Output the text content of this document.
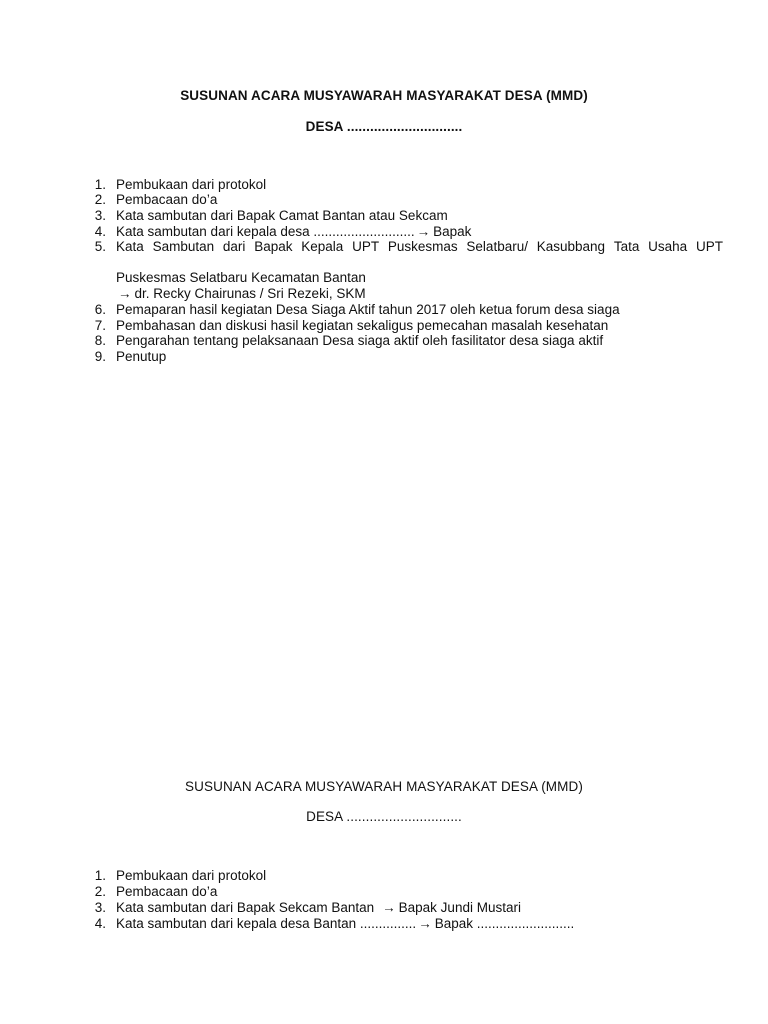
SUSUNAN ACARA MUSYAWARAH MASYARAKAT DESA (MMD)
DESA ..............................
1. Pembukaan dari protokol
2. Pembacaan do’a
3. Kata sambutan dari Bapak Camat Bantan atau Sekcam
4. Kata sambutan dari kepala desa ........................... → Bapak
5. Kata Sambutan dari Bapak Kepala UPT Puskesmas Selatbaru/ Kasubbang Tata Usaha UPT
Puskesmas Selatbaru Kecamatan Bantan
→ dr. Recky Chairunas / Sri Rezeki, SKM
6. Pemaparan hasil kegiatan Desa Siaga Aktif tahun 2017 oleh ketua forum desa siaga
7. Pembahasan dan diskusi hasil kegiatan sekaligus pemecahan masalah kesehatan
8. Pengarahan tentang pelaksanaan Desa siaga aktif oleh fasilitator desa siaga aktif
9. Penutup
SUSUNAN ACARA MUSYAWARAH MASYARAKAT DESA (MMD)
DESA ..............................
1. Pembukaan dari protokol
2. Pembacaan do’a
3. Kata sambutan dari Bapak Sekcam Bantan → Bapak Jundi Mustari
4. Kata sambutan dari kepala desa Bantan ............... → Bapak ..........................
